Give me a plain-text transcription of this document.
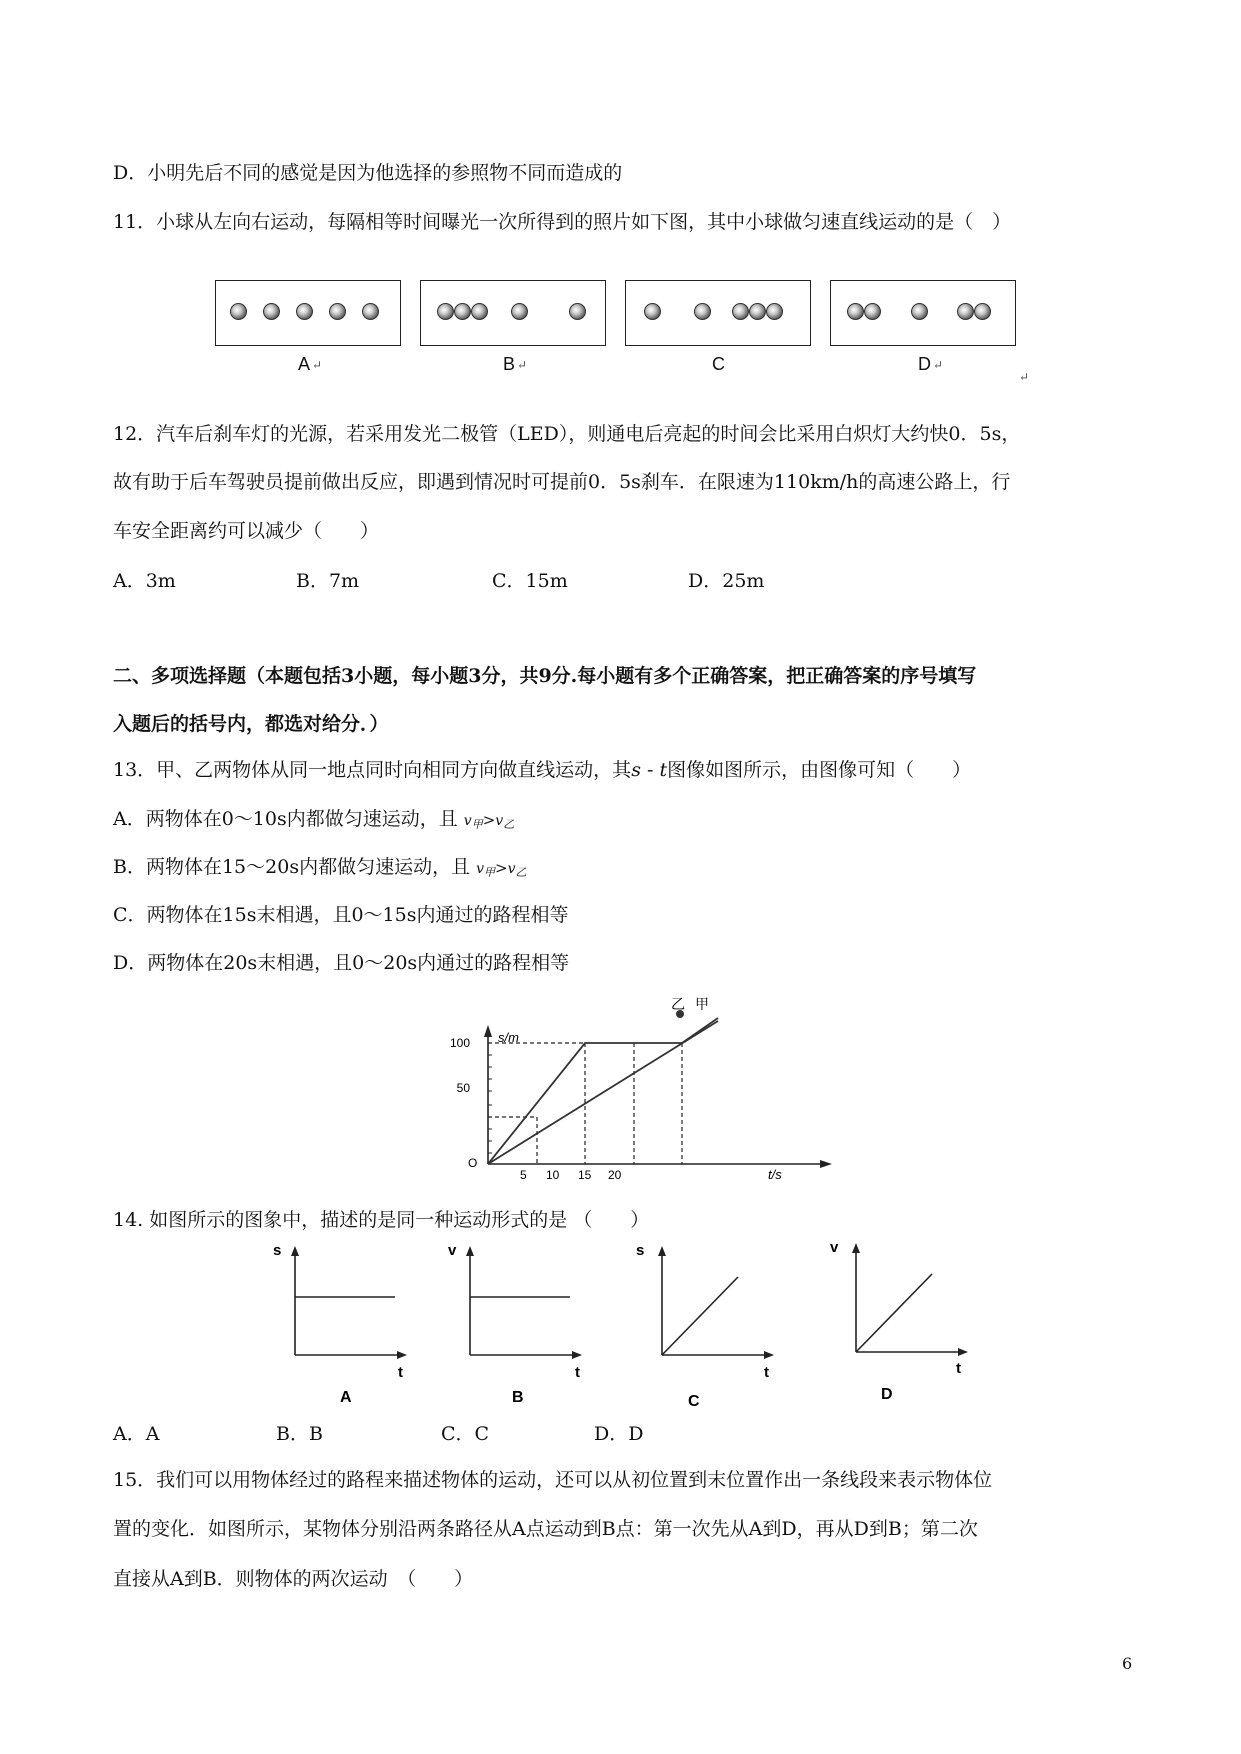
D．小明先后不同的感觉是因为他选择的参照物不同而造成的
11．小球从左向右运动，每隔相等时间曝光一次所得到的照片如下图，其中小球做匀速直线运动的是（　）
A ↵	B ↵	C	D ↵
↵
12．汽车后刹车灯的光源，若采用发光二极管（LED），则通电后亮起的时间会比采用白炽灯大约快0．5s，
故有助于后车驾驶员提前做出反应，即遇到情况时可提前0．5s刹车．在限速为110km/h的高速公路上，行
车安全距离约可以减少（　　）
A．3m	B．7m	C．15m	D．25m
二、多项选择题（本题包括3小题，每小题3分，共9分.每小题有多个正确答案，把正确答案的序号填写
入题后的括号内，都选对给分．）
13．甲、乙两物体从同一地点同时向相同方向做直线运动，其s - t图像如图所示，由图像可知（　　）
A．两物体在0～10s内都做匀速运动，且 $v_甲>v_乙$
B．两物体在15～20s内都做匀速运动，且 $v_甲>v_乙$
C．两物体在15s末相遇，且0～15s内通过的路程相等
D．两物体在20s末相遇，且0～20s内通过的路程相等
乙 甲
s/m
100
50
O
5 10 15 20	t/s
14. 如图所示的图象中，描述的是同一种运动形式的是 （　　）
s
t
A
v
t
B
s
t
C
v
t
D
A．A	B．B	C．C	D．D
15．我们可以用物体经过的路程来描述物体的运动，还可以从初位置到末位置作出一条线段来表示物体位
置的变化．如图所示，某物体分别沿两条路径从A点运动到B点：第一次先从A到D，再从D到B；第二次
直接从A到B．则物体的两次运动　（　　）
6
